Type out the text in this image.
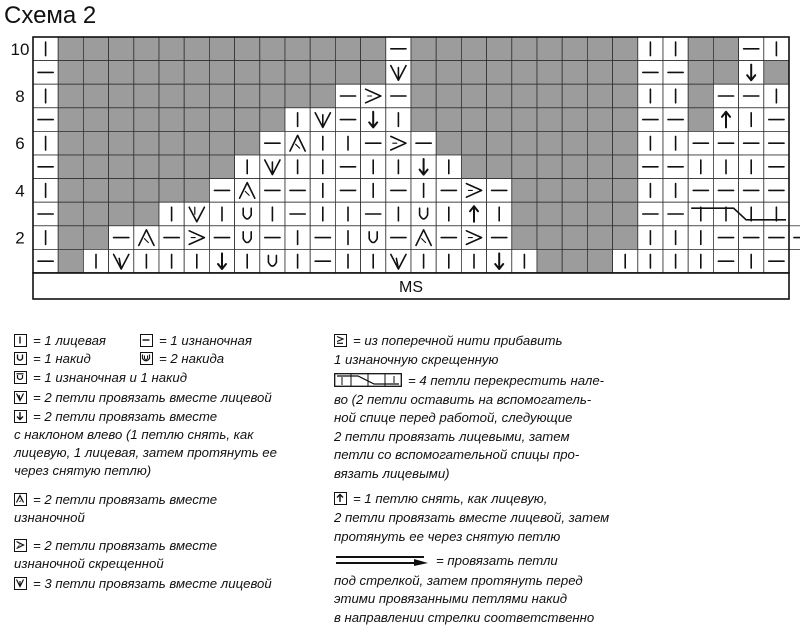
Схема 2
MS
10
8
6
4
2
= 1 лицевая	= 1 изнаночная
= 1 накид	= 2 накида
= 1 изнаночная и 1 накид
= 2 петли провязать вместе лицевой
= 2 петли провязать вместе
с наклоном влево (1 петлю снять, как
лицевую, 1 лицевая, затем протянуть ее
через снятую петлю)
2 = 2 петли провязать вместе
изнаночной
2 = 2 петли провязать вместе
изнаночной скрещенной
= 3 петли провязать вместе лицевой
= из поперечной нити прибавить
1 изнаночную скрещенную
= 4 петли перекрестить нале-
во (2 петли оставить на вспомогатель-
ной спице перед работой, следующие
2 петли провязать лицевыми, затем
петли со вспомогательной спицы про-
вязать лицевыми)
= 1 петлю снять, как лицевую,
2 петли провязать вместе лицевой, затем
протянуть ее через снятую петлю
= провязать петли
под стрелкой, затем протянуть перед
этими провязанными петлями накид
в направлении стрелки соответственно
